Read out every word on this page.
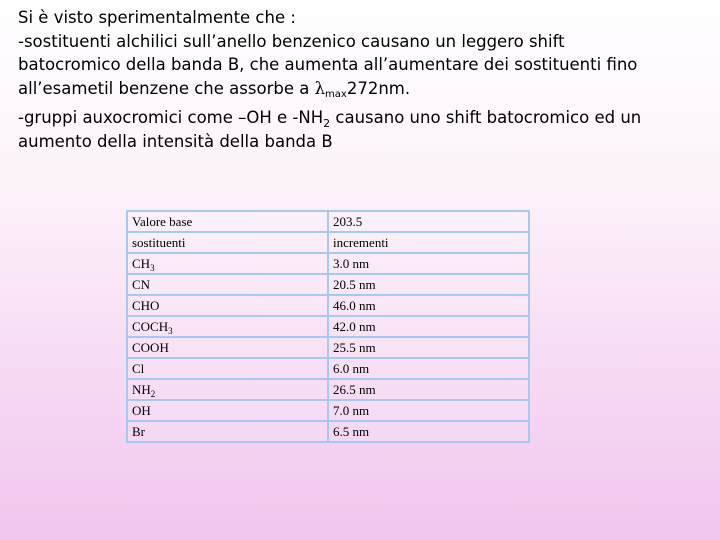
Si è visto sperimentalmente che :
-sostituenti alchilici sull’anello benzenico causano un leggero shift
batocromico della banda B, che aumenta all’aumentare dei sostituenti fino
all’esametil benzene che assorbe a λmax272nm.
-gruppi auxocromici come –OH e $-NH_2$ causano uno shift batocromico ed un
aumento della intensità della banda B
Valore base	203.5
sostituenti	incrementi
$CH_3$	3.0 nm
CN	20.5 nm
CHO	46.0 nm
$COCH_3$	42.0 nm
COOH	25.5 nm
Cl	6.0 nm
$NH_2$	26.5 nm
OH	7.0 nm
Br	6.5 nm
